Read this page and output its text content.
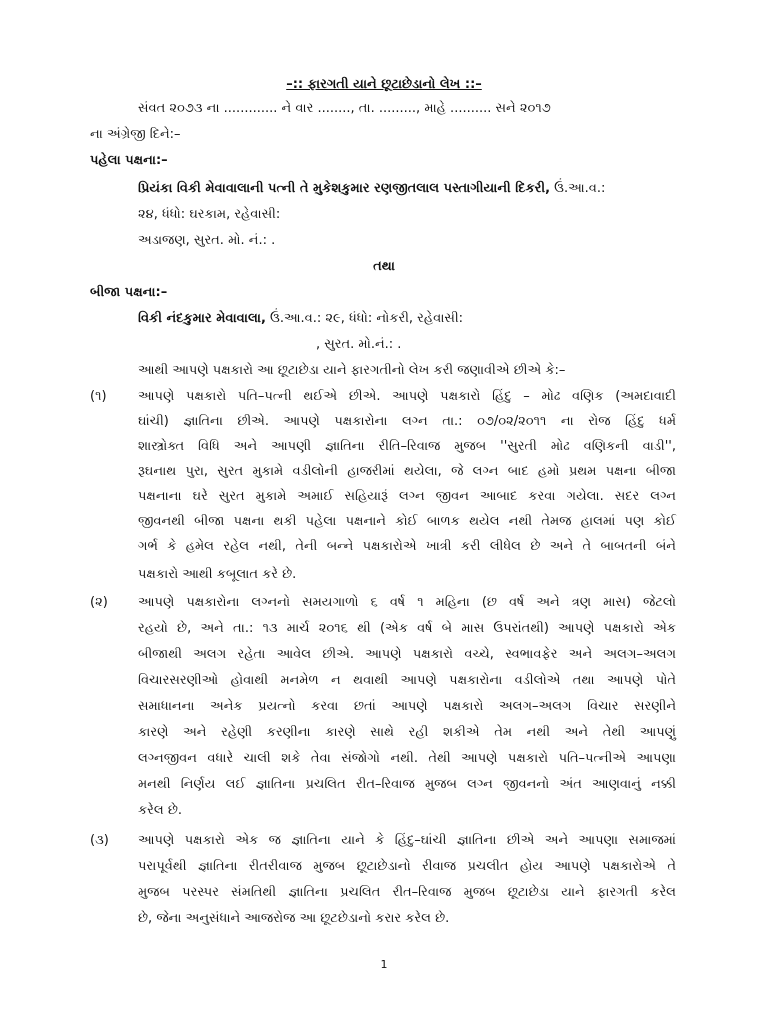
–:: ફારગતી યાને છૂટાછેડાનો લેખ ::–
સંવત ૨૦૭૩ ના ............. ને વાર ........, તા. ........., માહે .......... સને ૨૦૧૭
ના અંગ્રેજી દિને:–
પહેલા પક્ષના:–
પ્રિયંકા વિકી મેવાવાલાની પત્ની તે મુકેશકુમાર રણજીતલાલ પસ્તાગીયાની દિકરી, ઉં.આ.વ.:
૨૪, ધંધો: ઘરકામ, રહેવાસી:
અડાજણ, સુરત. મો. નં.: .
તથા
બીજા પક્ષના:–
વિકી નંદકુમાર મેવાવાલા, ઉં.આ.વ.: ૨૯, ધંધો: નોકરી, રહેવાસી:
, સુરત. મો.નં.: .
આથી આપણે પક્ષકારો આ છૂટાછેડા યાને ફારગતીનો લેખ કરી જણાવીએ છીએ કે:–
(૧) આપણે પક્ષકારો પતિ–પત્ની થઈએ છીએ. આપણે પક્ષકારો હિંદુ – મોઢ વણિક (અમદાવાદી
ઘાંચી) જ્ઞાતિના છીએ. આપણે પક્ષકારોના લગ્ન તા.: ૦૭/૦૨/૨૦૧૧ ના રોજ હિંદુ ધર્મ
શાસ્ત્રોક્ત વિધિ અને આપણી જ્ઞાતિના રીતિ–રિવાજ મુજબ ''સુરતી મોઢ વણિકની વાડી'',
રૂઘનાથ પુરા, સુરત મુકામે વડીલોની હાજરીમાં થયેલા, જે લગ્ન બાદ હમો પ્રથમ પક્ષના બીજા
પક્ષનાના ઘરે સુરત મુકામે અમાઈ સહિયારૂં લગ્ન જીવન આબાદ કરવા ગયેલા. સદર લગ્ન
જીવનથી બીજા પક્ષના થકી પહેલા પક્ષનાને કોઈ બાળક થયેલ નથી તેમજ હાલમાં પણ કોઈ
ગર્ભ કે હમેલ રહેલ નથી, તેની બન્ને પક્ષકારોએ ખાત્રી કરી લીધેલ છે અને તે બાબતની બંને
પક્ષકારો આથી કબૂલાત કરે છે.
(૨) આપણે પક્ષકારોના લગ્નનો સમયગાળો ૬ વર્ષ ૧ મહિના (છ વર્ષ અને ત્રણ માસ) જેટલો
રહયો છે, અને તા.: ૧૩ માર્ચ ૨૦૧૬ થી (એક વર્ષ બે માસ ઉપરાંતથી) આપણે પક્ષકારો એક
બીજાથી અલગ રહેતા આવેલ છીએ. આપણે પક્ષકારો વચ્ચે, સ્વભાવફેર અને અલગ–અલગ
વિચારસરણીઓ હોવાથી મનમેળ ન થવાથી આપણે પક્ષકારોના વડીલોએ તથા આપણે પોતે
સમાધાનના અનેક પ્રયત્નો કરવા છતાં આપણે પક્ષકારો અલગ–અલગ વિચાર સરણીને
કારણે અને રહેણી કરણીના કારણે સાથે રહી શકીએ તેમ નથી અને તેથી આપણું
લગ્નજીવન વધારે ચાલી શકે તેવા સંજોગો નથી. તેથી આપણે પક્ષકારો પતિ–પત્નીએ આપણા
મનથી નિર્ણય લઈ જ્ઞાતિના પ્રચલિત રીત–રિવાજ મુજબ લગ્ન જીવનનો અંત આણવાનું નક્કી
કરેલ છે.
(૩) આપણે પક્ષકારો એક જ જ્ઞાતિના યાને કે હિંદુ–ઘાંચી જ્ઞાતિના છીએ અને આપણા સમાજમાં
પરાપૂર્વથી જ્ઞાતિના રીતરીવાજ મુજબ છૂટાછેડાનો રીવાજ પ્રચલીત હોય આપણે પક્ષકારોએ તે
મુજબ પરસ્પર સંમતિથી જ્ઞાતિના પ્રચલિત રીત–રિવાજ મુજબ છૂટાછેડા યાને ફારગતી કરેલ
છે, જેના અનુસંધાને આજરોજ આ છૂટછેડાનો કરાર કરેલ છે.
1
